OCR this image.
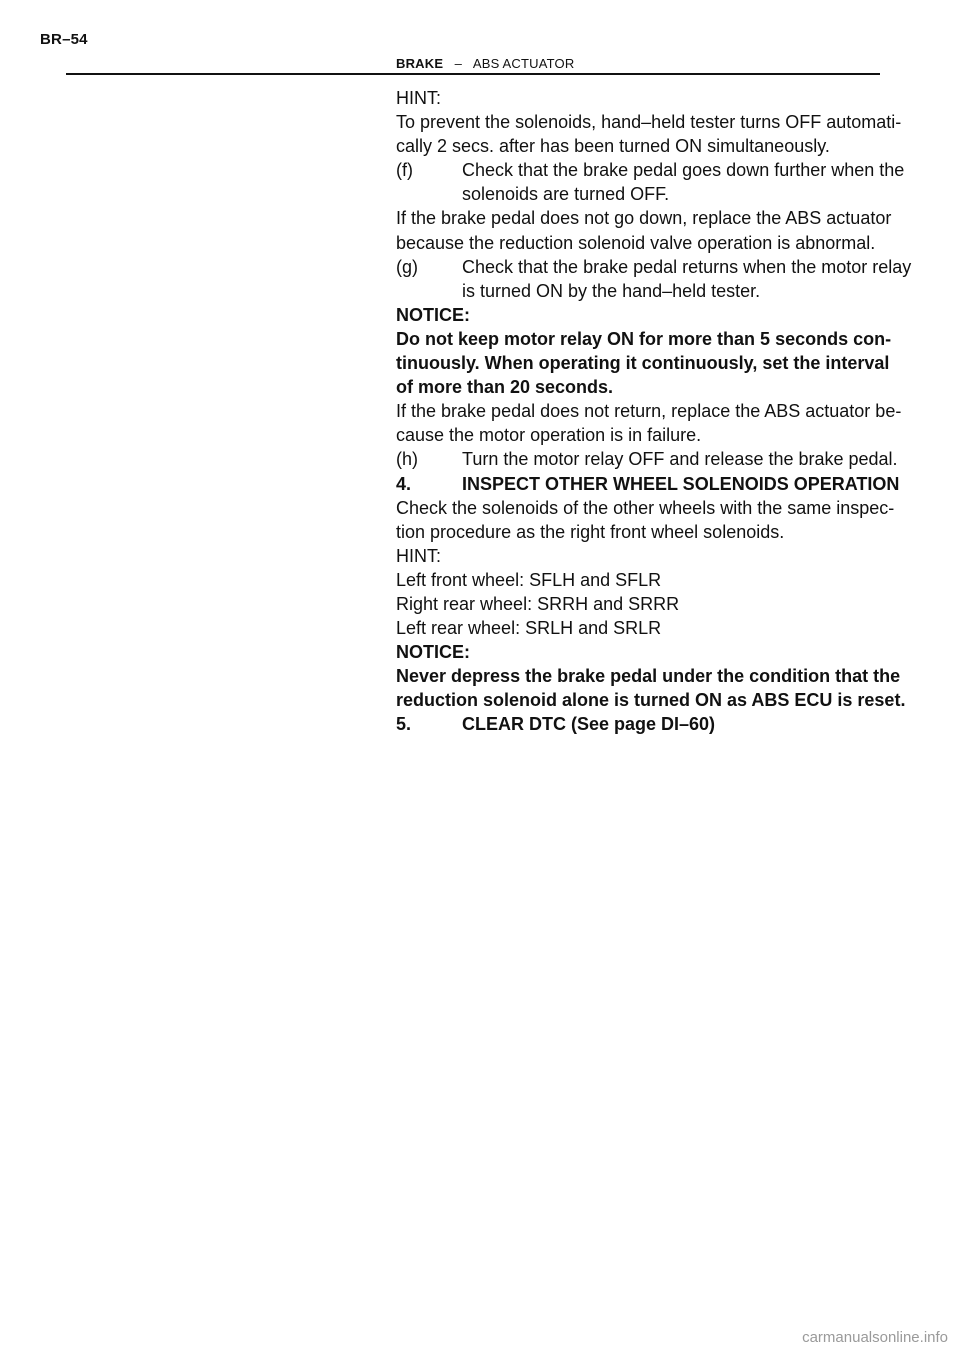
BR–54
BRAKE – ABS ACTUATOR
HINT:
To prevent the solenoids, hand–held tester turns OFF automati-
cally 2 secs. after has been turned ON simultaneously.
(f)	Check that the brake pedal goes down further when the
solenoids are turned OFF.
If the brake pedal does not go down, replace the ABS actuator
because the reduction solenoid valve operation is abnormal.
(g) Check that the brake pedal returns when the motor relay
is turned ON by the hand–held tester.
NOTICE:
Do not keep motor relay ON for more than 5 seconds con-
tinuously. When operating it continuously, set the interval
of more than 20 seconds.
If the brake pedal does not return, replace the ABS actuator be-
cause the motor operation is in failure.
(h) Turn the motor relay OFF and release the brake pedal.
4.	INSPECT OTHER WHEEL SOLENOIDS OPERATION
Check the solenoids of the other wheels with the same inspec-
tion procedure as the right front wheel solenoids.
HINT:
Left front wheel: SFLH and SFLR
Right rear wheel: SRRH and SRRR
Left rear wheel: SRLH and SRLR
NOTICE:
Never depress the brake pedal under the condition that the
reduction solenoid alone is turned ON as ABS ECU is reset.
5.	CLEAR DTC (See page DI–60)
carmanualsonline.info
